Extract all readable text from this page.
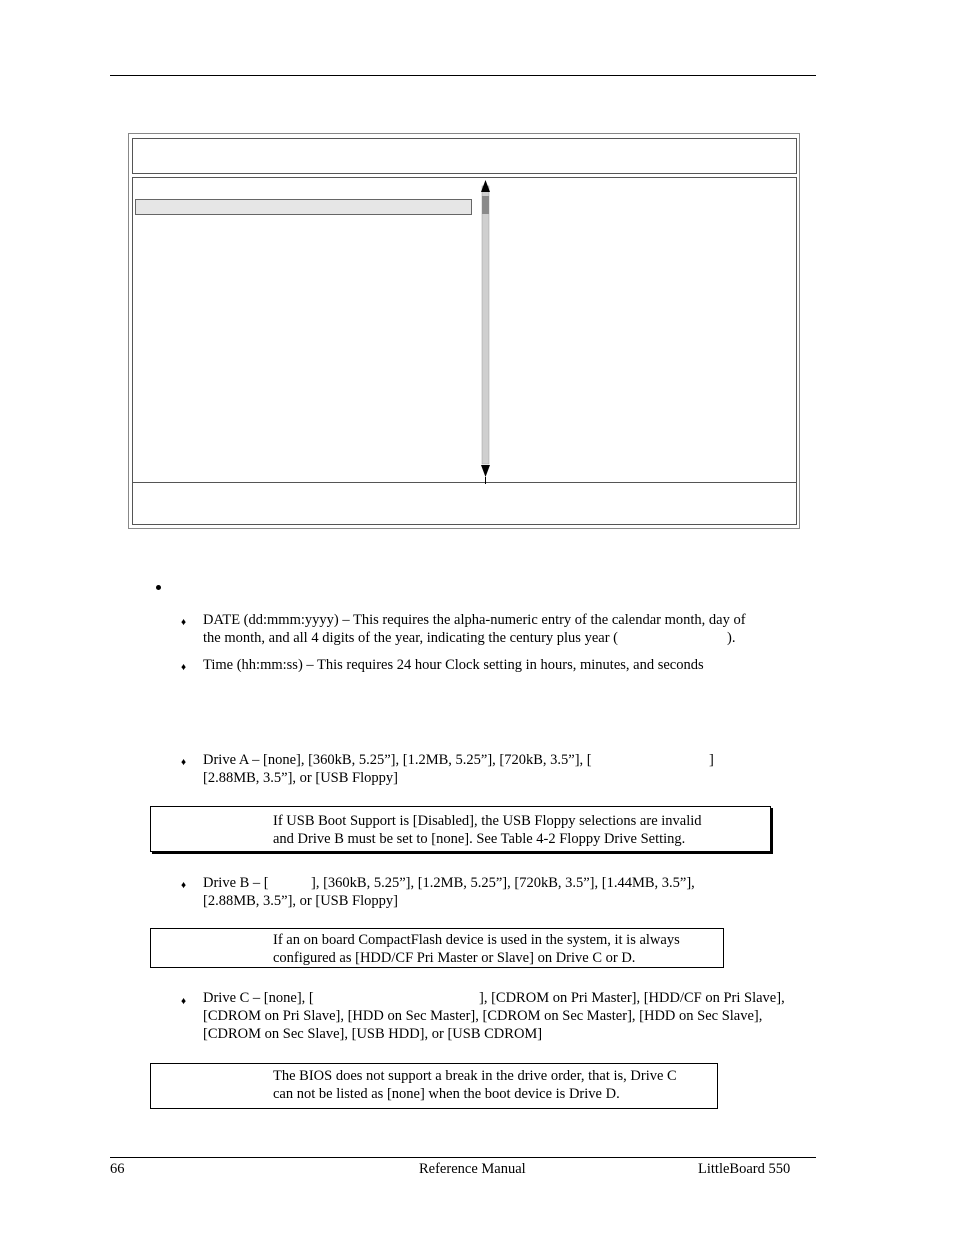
♦ DATE (dd:mmm:yyyy) – This requires the alpha-numeric entry of the calendar month, day of
the month, and all 4 digits of the year, indicating the century plus year (	).
♦ Time (hh:mm:ss) – This requires 24 hour Clock setting in hours, minutes, and seconds
♦ Drive A – [none], [360kB, 5.25”], [1.2MB, 5.25”], [720kB, 3.5”], [	]
[2.88MB, 3.5”], or [USB Floppy]
If USB Boot Support is [Disabled], the USB Floppy selections are invalid
and Drive B must be set to [none]. See Table 4-2 Floppy Drive Setting.
♦ Drive B – [	], [360kB, 5.25”], [1.2MB, 5.25”], [720kB, 3.5”], [1.44MB, 3.5”],
[2.88MB, 3.5”], or [USB Floppy]
If an on board CompactFlash device is used in the system, it is always
configured as [HDD/CF Pri Master or Slave] on Drive C or D.
♦ Drive C – [none], [	], [CDROM on Pri Master], [HDD/CF on Pri Slave],
[CDROM on Pri Slave], [HDD on Sec Master], [CDROM on Sec Master], [HDD on Sec Slave],
[CDROM on Sec Slave], [USB HDD], or [USB CDROM]
The BIOS does not support a break in the drive order, that is, Drive C
can not be listed as [none] when the boot device is Drive D.
66	Reference Manual	LittleBoard 550
